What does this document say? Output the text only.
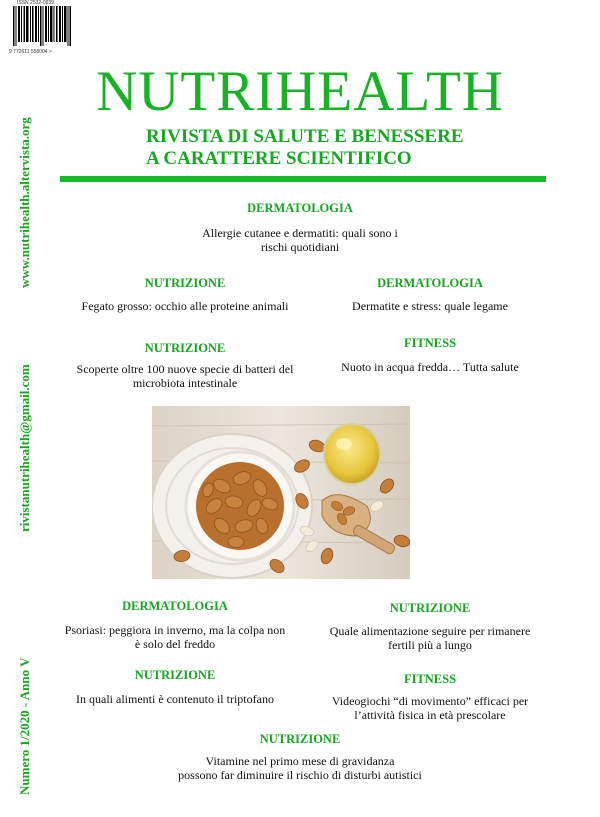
ISSN 2532-0939
9 772611 558004 >
NUTRIHEALTH
RIVISTA DI SALUTE E BENESSERE
A CARATTERE SCIENTIFICO
www.nutrihealth.altervista.org
rivistanutrihealth@gmail.com
Numero 1/2020 - Anno V
DERMATOLOGIA
Allergie cutanee e dermatiti: quali sono i
rischi quotidiani
NUTRIZIONE
Fegato grosso: occhio alle proteine animali
DERMATOLOGIA
Dermatite e stress: quale legame
NUTRIZIONE
Scoperte oltre 100 nuove specie di batteri del
microbiota intestinale
FITNESS
Nuoto in acqua fredda… Tutta salute
DERMATOLOGIA
Psoriasi: peggiora in inverno, ma la colpa non
è solo del freddo
NUTRIZIONE
Quale alimentazione seguire per rimanere
fertili più a lungo
NUTRIZIONE
In quali alimenti è contenuto il triptofano
FITNESS
Videogiochi “di movimento” efficaci per
l’attività fisica in età prescolare
NUTRIZIONE
Vitamine nel primo mese di gravidanza
possono far diminuire il rischio di disturbi autistici
